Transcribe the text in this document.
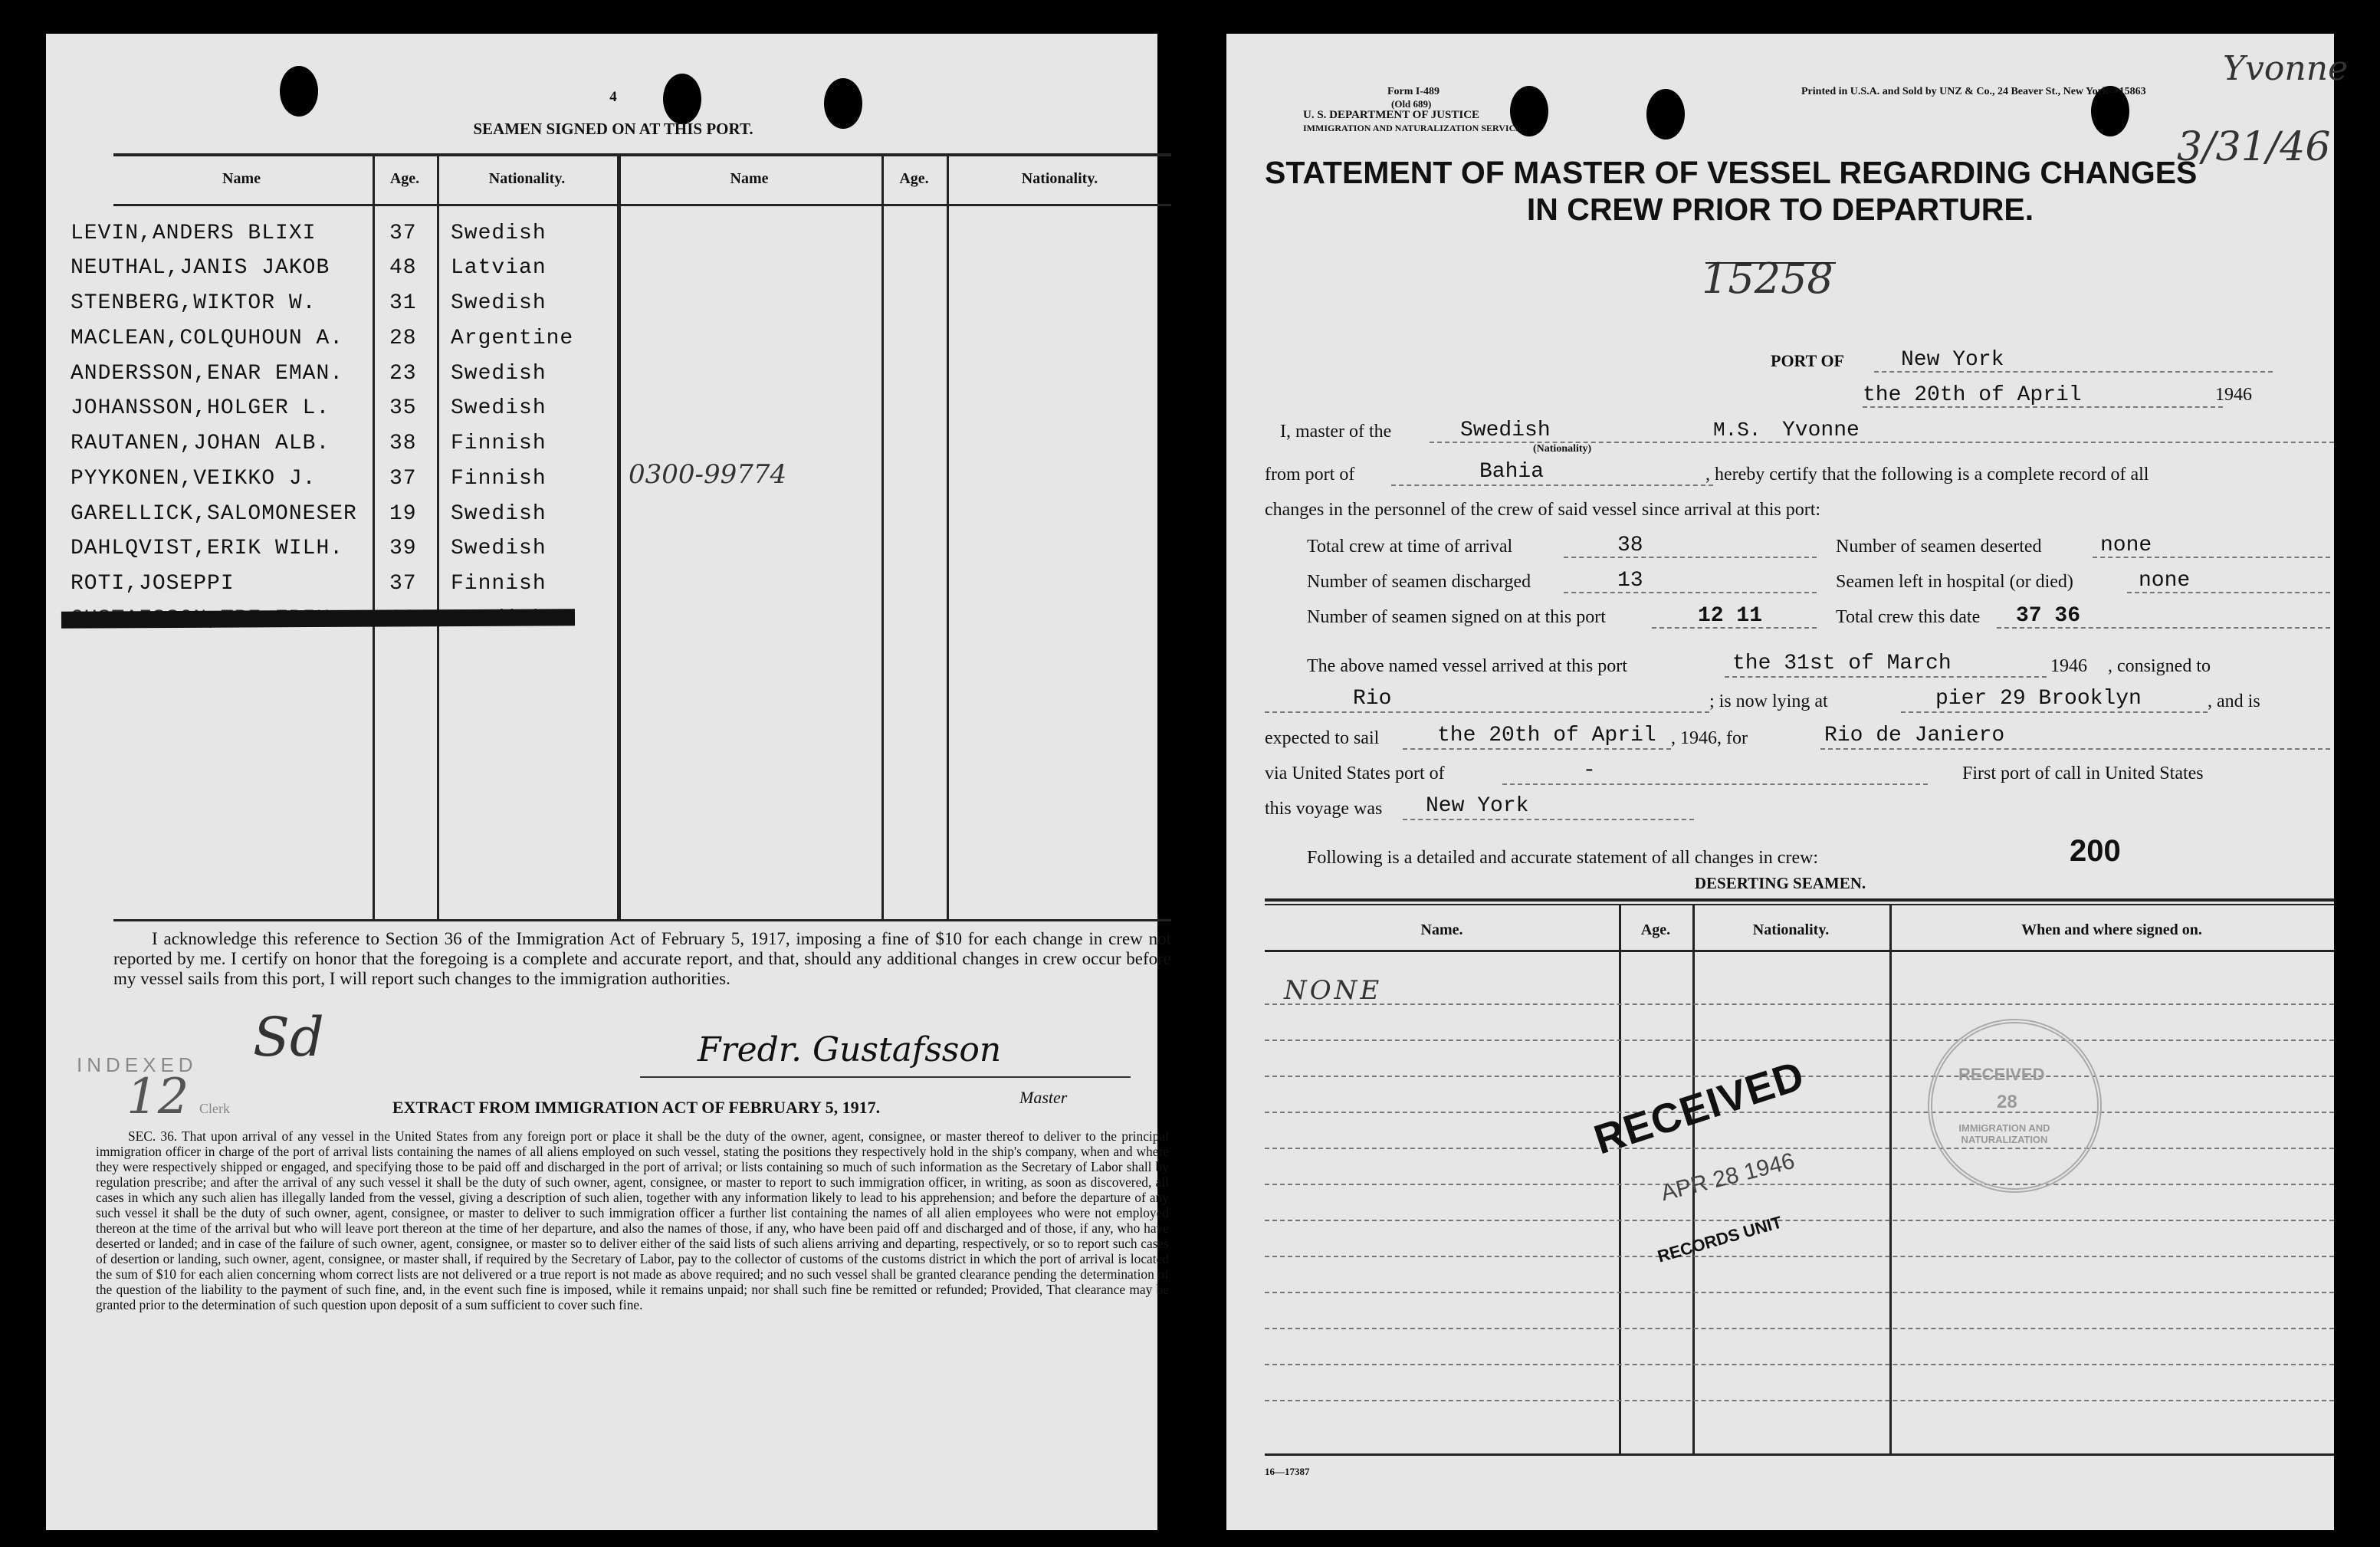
4
SEAMEN SIGNED ON AT THIS PORT.
Name	Age.	Nationality.	Name	Age.	Nationality.
LEVIN,ANDERS BLIXI	37 Swedish
NEUTHAL,JANIS JAKOB	48 Latvian
STENBERG,WIKTOR W.	31 Swedish
MACLEAN,COLQUHOUN A. 28 Argentine
ANDERSSON,ENAR EMAN. 23 Swedish
JOHANSSON,HOLGER L.	35 Swedish
RAUTANEN,JOHAN ALB.	38 Finnish
PYYKONEN,VEIKKO J.	37 Finnish	0300-99774
GARELLICK,SALOMONESER 19 Swedish
DAHLQVIST,ERIK WILH. 39 Swedish
ROTI,JOSEPPI	37 Finnish
I acknowledge this reference to Section 36 of the Immigration Act of February 5, 1917, imposing a fine of $10 for each change in crew not reported by me. I certify on honor that the foregoing is a complete and accurate report, and that, should any additional changes in crew occur before my vessel sails from this port, I will report such changes to the immigration authorities.
INDEXED Sd
12 Clerk
Fredr. Gustafsson
Master
EXTRACT FROM IMMIGRATION ACT OF FEBRUARY 5, 1917.
SEC. 36. That upon arrival of any vessel in the United States from any foreign port or place it shall be the duty of the owner, agent, consignee, or master thereof to deliver to the principal immigration officer in charge of the port of arrival lists containing the names of all aliens employed on such vessel, stating the positions they respectively hold in the ship's company, when and where they were respectively shipped or engaged, and specifying those to be paid off and discharged in the port of arrival; or lists containing so much of such information as the Secretary of Labor shall by regulation prescribe; and after the arrival of any such vessel it shall be the duty of such owner, agent, consignee, or master to report to such immigration officer, in writing, as soon as discovered, all cases in which any such alien has illegally landed from the vessel, giving a description of such alien, together with any information likely to lead to his apprehension; and before the departure of any such vessel it shall be the duty of such owner, agent, consignee, or master to deliver to such immigration officer a further list containing the names of all alien employees who were not employed thereon at the time of the arrival but who will leave port thereon at the time of her departure, and also the names of those, if any, who have been paid off and discharged and of those, if any, who have deserted or landed; and in case of the failure of such owner, agent, consignee, or master so to deliver either of the said lists of such aliens arriving and departing, respectively, or so to report such cases of desertion or landing, such owner, agent, consignee, or master shall, if required by the Secretary of Labor, pay to the collector of customs of the customs district in which the port of arrival is located the sum of $10 for each alien concerning whom correct lists are not delivered or a true report is not made as above required; and no such vessel shall be granted clearance pending the determination of the question of the liability to the payment of such fine, and, in the event such fine is imposed, while it remains unpaid; nor shall such fine be remitted or refunded; Provided, That clearance may be granted prior to the determination of such question upon deposit of a sum sufficient to cover such fine.
Form I-489
(Old 689)
U. S. DEPARTMENT OF JUSTICE
IMMIGRATION AND NATURALIZATION SERVICE
Printed in U.S.A. and Sold by UNZ & Co., 24 Beaver St., New York—15863
Yvonne
3/31/46
STATEMENT OF MASTER OF VESSEL REGARDING CHANGES
IN CREW PRIOR TO DEPARTURE.
15258
PORT OF	New York
the 20th of April	1946
I, master of the	Swedish
(Nationality)
M.S. Yvonne
from port of	Bahia	, hereby certify that the following is a complete record of all
changes in the personnel of the crew of said vessel since arrival at this port:
Total crew at time of arrival	38	Number of seamen deserted	none
Number of seamen discharged	13	Seamen left in hospital (or died)	none
Number of seamen signed on at this port	12 11	Total crew this date 37 36
The above named vessel arrived at this port	the 31st of March	1946 , consigned to
Rio	; is now lying at	pier 29 Brooklyn	, and is
expected to sail	the 20th of April , 1946, for	Rio de Janiero
via United States port of	-	First port of call in United States
this voyage was New York
Following is a detailed and accurate statement of all changes in crew:	200
DESERTING SEAMEN.
Name.	Age.	Nationality.	When and where signed on.
NONE
RECEIVED
APR 28 1946
RECORDS UNIT
RECEIVED
28
IMMIGRATION AND NATURALIZATION
16—17387
